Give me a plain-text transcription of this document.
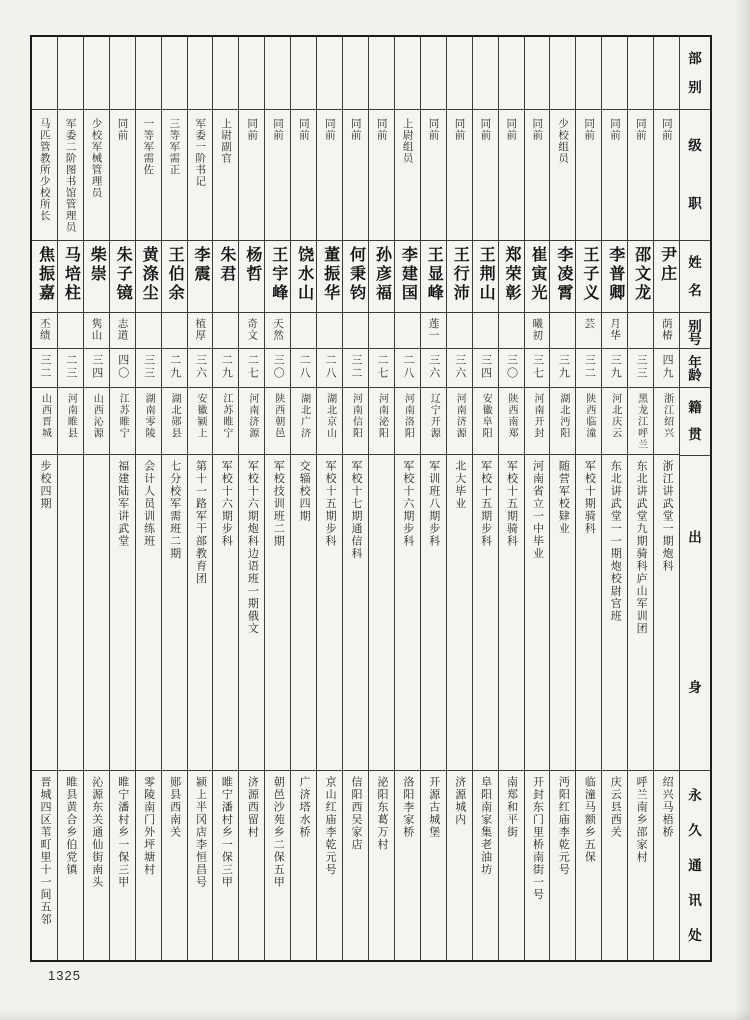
马匹管教所少校所长
焦振嘉
丕绩
三二
山西晋城
步校四期
晋城四区苇町里十一间五邻
军委二阶图书馆管理员
马培柱
二三
河南睢县
睢县黄合乡伯党镇
少校军械管理员
柴崇
隽山
三四
山西沁源
沁源东关通仙街南头
同前
朱子镜
志道
四〇
江苏睢宁
福建陆军讲武堂
睢宁潘村乡一保三甲
一等军需佐
黄涤尘
三三
湖南零陵
会计人员训练班
零陵南门外坪塘村
三等军需正
王伯余
二九
湖北郧县
七分校军需班二期
郧县西南关
军委一阶书记
李震
植厚
三六
安徽颍上
第十一路军干部教育团
颍上半冈店李恒昌号
上尉副官
朱君
二九
江苏睢宁
军校十六期步科
睢宁潘村乡一保三甲
同前
杨哲
奇文
二七
河南济源
军校十六期炮科边语班一期俄文
济源西留村
同前
王宇峰
天然
三〇
陕西朝邑
军校技训班二期
朝邑沙苑乡二保五甲
同前
饶水山
二八
湖北广济
交辎校四期
广济塔水桥
同前
董振华
二八
湖北京山
军校十五期步科
京山红庙李乾元号
同前
何秉钧
三二
河南信阳
军校十七期通信科
信阳西吴家店
同前
孙彦福
二七
河南泌阳
泌阳东葛万村
上尉组员
李建国
二八
河南洛阳
军校十六期步科
洛阳李家桥
同前
王显峰
莲一
三六
辽宁开源
军训班八期步科
开源古城堡
同前
王行沛
三六
河南济源
北大毕业
济源城内
同前
王荆山
三四
安徽阜阳
军校十五期步科
阜阳南家集老油坊
同前
郑荣彰
三〇
陕西南郑
军校十五期骑科
南郑和平街
同前
崔寅光
曦初
三七
河南开封
河南省立一中毕业
开封东门里桥南街一号
少校组员
李凌霄
三九
湖北沔阳
随营军校肄业
沔阳红庙李乾元号
同前
王子义
芸
三二
陕西临潼
军校十期骑科
临潼马额乡五保
同前
李普卿
月华
三九
河北庆云
东北讲武堂一一期炮校尉官班
庆云县西关
同前
邵文龙
三三
黑龙江呼兰
东北讲武堂九期骑科庐山军训团
呼兰南乡邵家村
同前
尹庄
荫椿
四九
浙江绍兴
浙江讲武堂一期炮科
绍兴马梧桥
部
别
级
职
姓
名
别
号
年
龄
籍
贯
出
身
永
久
通
讯
处
1325
